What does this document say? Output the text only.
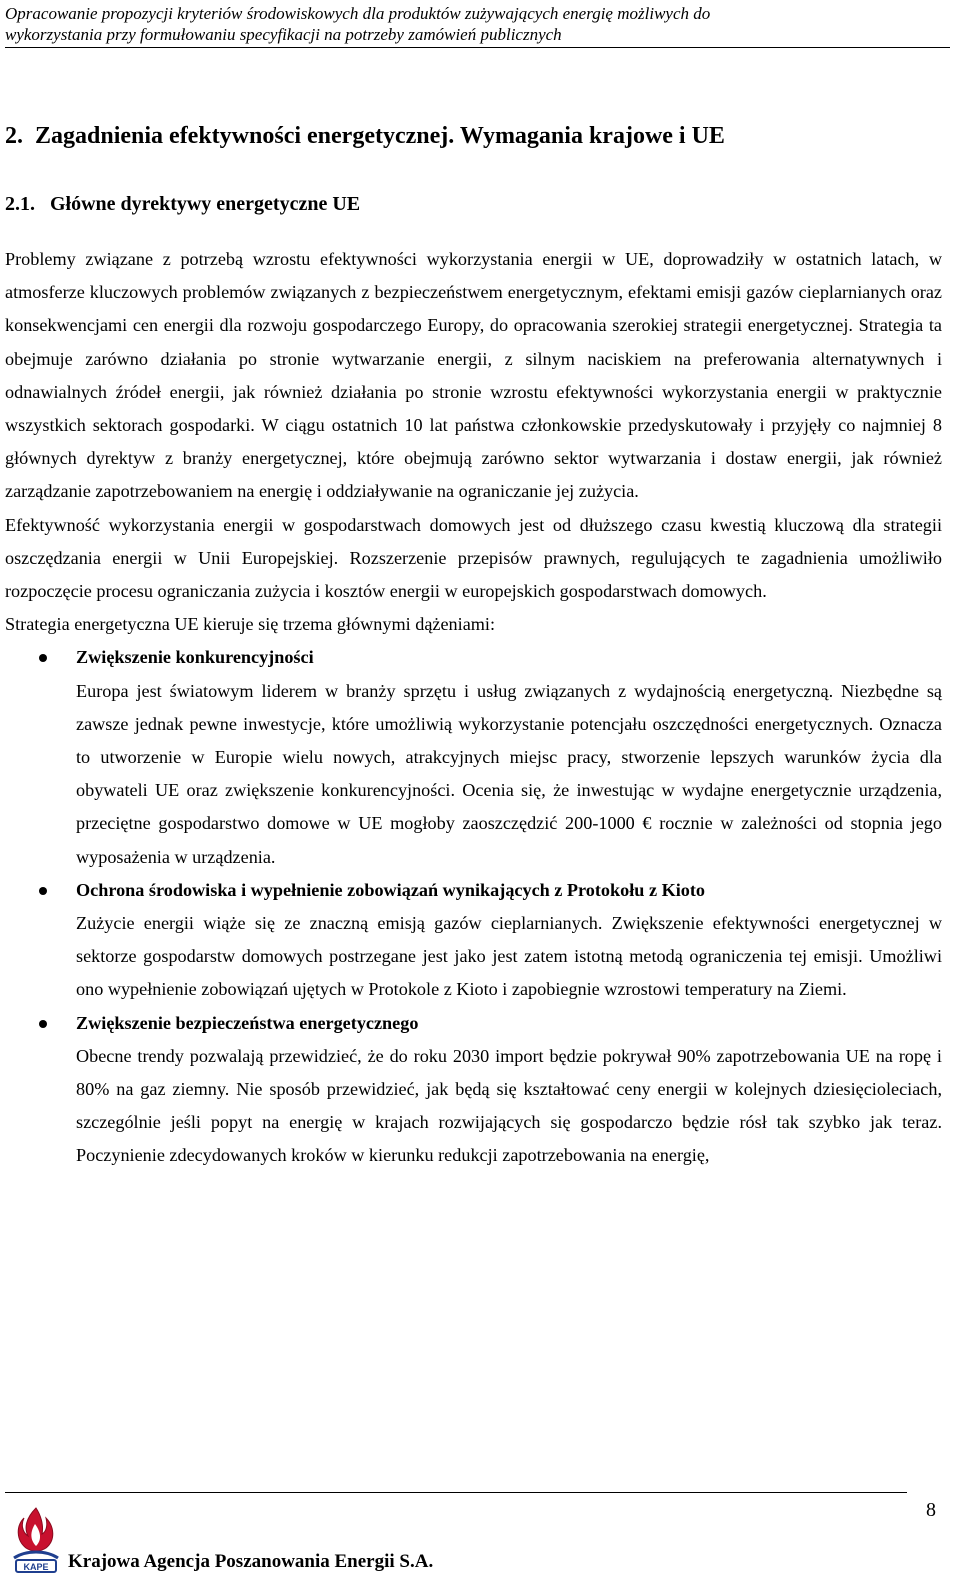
Opracowanie propozycji kryteriów środowiskowych dla produktów zużywających energię możliwych do
wykorzystania przy formułowaniu specyfikacji na potrzeby zamówień publicznych
2.  Zagadnienia efektywności energetycznej. Wymagania krajowe i UE
2.1.   Główne dyrektywy energetyczne UE

Problemy związane z potrzebą wzrostu efektywności wykorzystania energii w UE, doprowadziły w ostatnich latach, w atmosferze kluczowych problemów związanych z bezpieczeństwem energetycznym, efektami emisji gazów cieplarnianych oraz konsekwencjami cen energii dla rozwoju gospodarczego Europy, do opracowania szerokiej strategii energetycznej. Strategia ta obejmuje zarówno działania po stronie wytwarzanie energii, z silnym naciskiem na preferowania alternatywnych i odnawialnych źródeł energii, jak również działania po stronie wzrostu efektywności wykorzystania energii w praktycznie wszystkich sektorach gospodarki. W ciągu ostatnich 10 lat państwa członkowskie przedyskutowały i przyjęły co najmniej 8 głównych dyrektyw z branży energetycznej, które obejmują zarówno sektor wytwarzania i dostaw energii, jak również zarządzanie zapotrzebowaniem na energię i oddziaływanie na ograniczanie jej zużycia.

Efektywność wykorzystania energii w gospodarstwach domowych jest od dłuższego czasu kwestią kluczową dla strategii oszczędzania energii w Unii Europejskiej. Rozszerzenie przepisów prawnych, regulujących te zagadnienia umożliwiło rozpoczęcie procesu ograniczania zużycia i kosztów energii w europejskich gospodarstwach domowych.

Strategia energetyczna UE kieruje się trzema głównymi dążeniami:

Zwiększenie konkurencyjności
Europa jest światowym liderem w branży sprzętu i usług związanych z wydajnością energetyczną. Niezbędne są zawsze jednak pewne inwestycje, które umożliwią wykorzystanie potencjału oszczędności energetycznych. Oznacza to utworzenie w Europie wielu nowych, atrakcyjnych miejsc pracy, stworzenie lepszych warunków życia dla obywateli UE oraz zwiększenie konkurencyjności. Ocenia się, że inwestując w wydajne energetycznie urządzenia, przeciętne gospodarstwo domowe w UE mogłoby zaoszczędzić 200-1000 € rocznie w zależności od stopnia jego wyposażenia w urządzenia.
Ochrona środowiska i wypełnienie zobowiązań wynikających z Protokołu z Kioto
Zużycie energii wiąże się ze znaczną emisją gazów cieplarnianych. Zwiększenie efektywności energetycznej w sektorze gospodarstw domowych postrzegane jest jako jest zatem istotną metodą ograniczenia tej emisji. Umożliwi ono wypełnienie zobowiązań ujętych w Protokole z Kioto i zapobiegnie wzrostowi temperatury na Ziemi.
Zwiększenie bezpieczeństwa energetycznego
Obecne trendy pozwalają przewidzieć, że do roku 2030 import będzie pokrywał 90% zapotrzebowania UE na ropę i 80% na gaz ziemny. Nie sposób przewidzieć, jak będą się kształtować ceny energii w kolejnych dziesięcioleciach, szczególnie jeśli popyt na energię w krajach rozwijających się gospodarczo będzie rósł tak szybko jak teraz. Poczynienie zdecydowanych kroków w kierunku redukcji zapotrzebowania na energię,
8
KAPE Krajowa Agencja Poszanowania Energii S.A.
